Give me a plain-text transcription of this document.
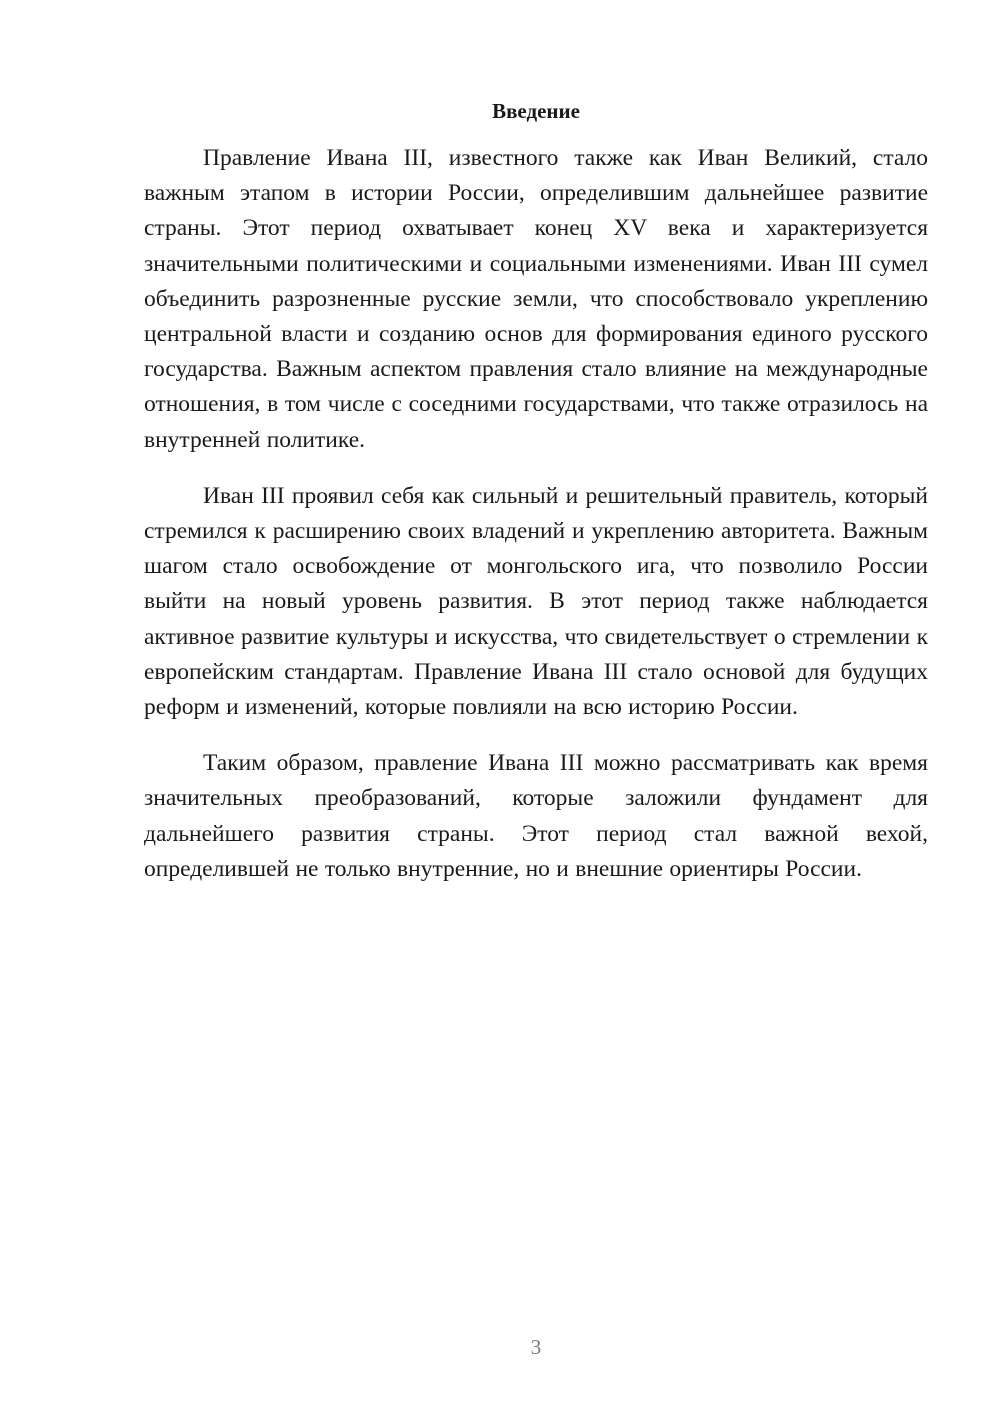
Введение

Правление Ивана III, известного также как Иван Великий, стало важным этапом в истории России, определившим дальнейшее развитие страны. Этот период охватывает конец XV века и характеризуется значительными политическими и социальными изменениями. Иван III сумел объединить разрозненные русские земли, что способствовало укреплению центральной власти и созданию основ для формирования единого русского государства. Важным аспектом правления стало влияние на международные отношения, в том числе с соседними государствами, что также отразилось на внутренней политике.

Иван III проявил себя как сильный и решительный правитель, который стремился к расширению своих владений и укреплению авторитета. Важным шагом стало освобождение от монгольского ига, что позволило России выйти на новый уровень развития. В этот период также наблюдается активное развитие культуры и искусства, что свидетельствует о стремлении к европейским стандартам. Правление Ивана III стало основой для будущих реформ и изменений, которые повлияли на всю историю России.

Таким образом, правление Ивана III можно рассматривать как время значительных преобразований, которые заложили фундамент для дальнейшего развития страны. Этот период стал важной вехой, определившей не только внутренние, но и внешние ориентиры России.

3
